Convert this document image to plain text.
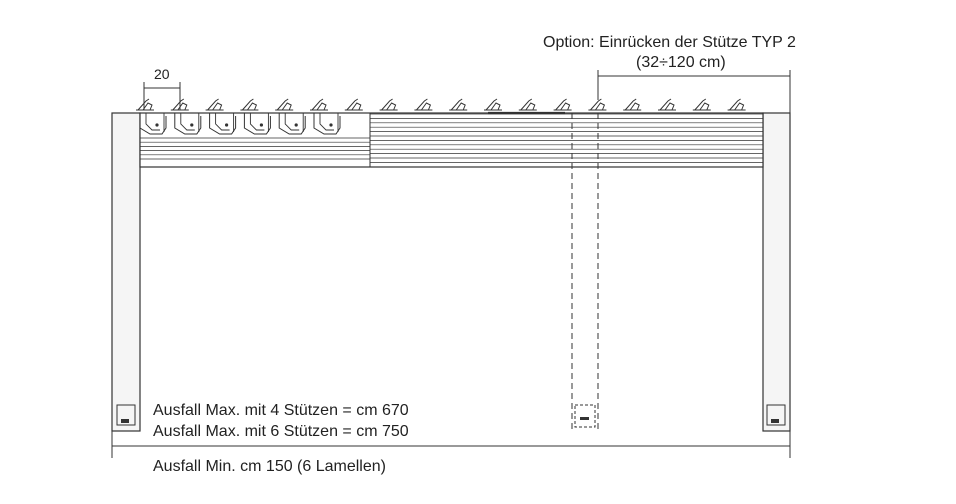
Option: Einrücken der Stütze TYP 2
(32÷120 cm)
20
Ausfall Max. mit 4 Stützen = cm 670
Ausfall Max. mit 6 Stützen = cm 750
Ausfall Min. cm 150 (6 Lamellen)
